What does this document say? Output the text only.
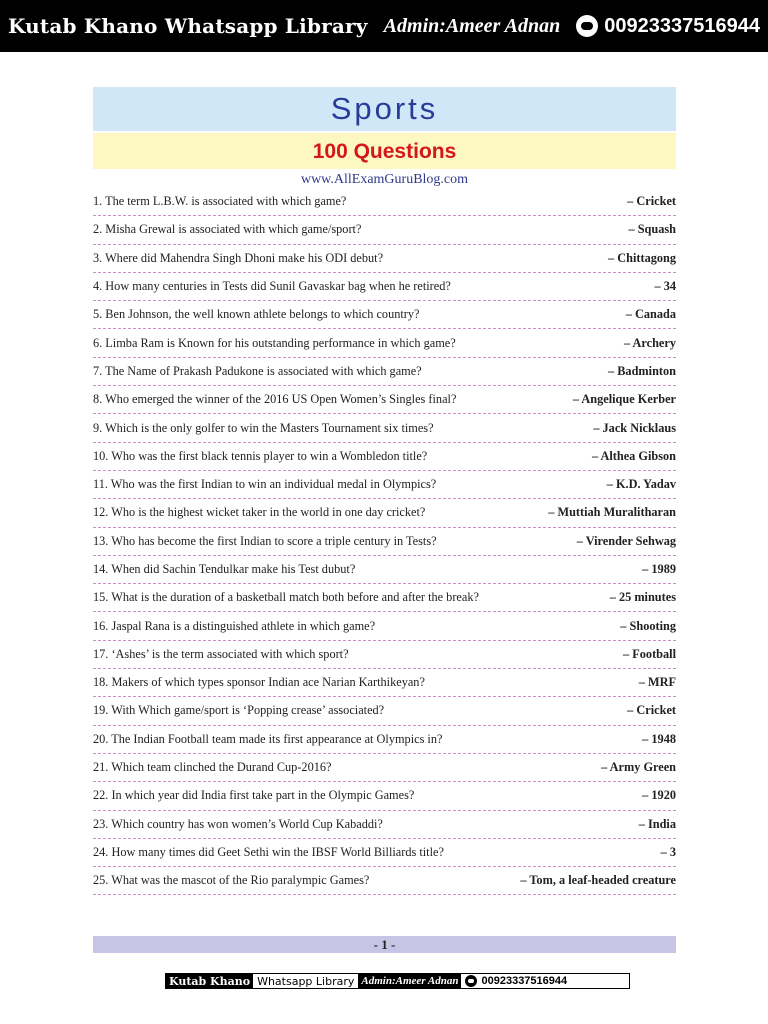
Kutab Khano Whatsapp Library Admin:Ameer Adnan 00923337516944
Sports
100 Questions
www.AllExamGuruBlog.com
1. The term L.B.W. is associated with which game?	– Cricket
2. Misha Grewal is associated with which game/sport?	– Squash
3. Where did Mahendra Singh Dhoni make his ODI debut?	– Chittagong
4. How many centuries in Tests did Sunil Gavaskar bag when he retired?	– 34
5. Ben Johnson, the well known athlete belongs to which country?	– Canada
6. Limba Ram is Known for his outstanding performance in which game?	– Archery
7. The Name of Prakash Padukone is associated with which game?	– Badminton
8. Who emerged the winner of the 2016 US Open Women’s Singles final?	– Angelique Kerber
9. Which is the only golfer to win the Masters Tournament six times?	– Jack Nicklaus
10. Who was the first black tennis player to win a Wombledon title?	– Althea Gibson
11. Who was the first Indian to win an individual medal in Olympics?	– K.D. Yadav
12. Who is the highest wicket taker in the world in one day cricket?	– Muttiah Muralitharan
13. Who has become the first Indian to score a triple century in Tests?	– Virender Sehwag
14. When did Sachin Tendulkar make his Test dubut?	– 1989
15. What is the duration of a basketball match both before and after the break?	– 25 minutes
16. Jaspal Rana is a distinguished athlete in which game?	– Shooting
17. ‘Ashes’ is the term associated with which sport?	– Football
18. Makers of which types sponsor Indian ace Narian Karthikeyan?	– MRF
19. With Which game/sport is ‘Popping crease’ associated?	– Cricket
20. The Indian Football team made its first appearance at Olympics in?	– 1948
21. Which team clinched the Durand Cup-2016?	– Army Green
22. In which year did India first take part in the Olympic Games?	– 1920
23. Which country has won women’s World Cup Kabaddi?	– India
24. How many times did Geet Sethi win the IBSF World Billiards title?	– 3
25. What was the mascot of the Rio paralympic Games?	– Tom, a leaf-headed creature
- 1 -
Kutab Khano Whatsapp Library Admin:Ameer Adnan 00923337516944
